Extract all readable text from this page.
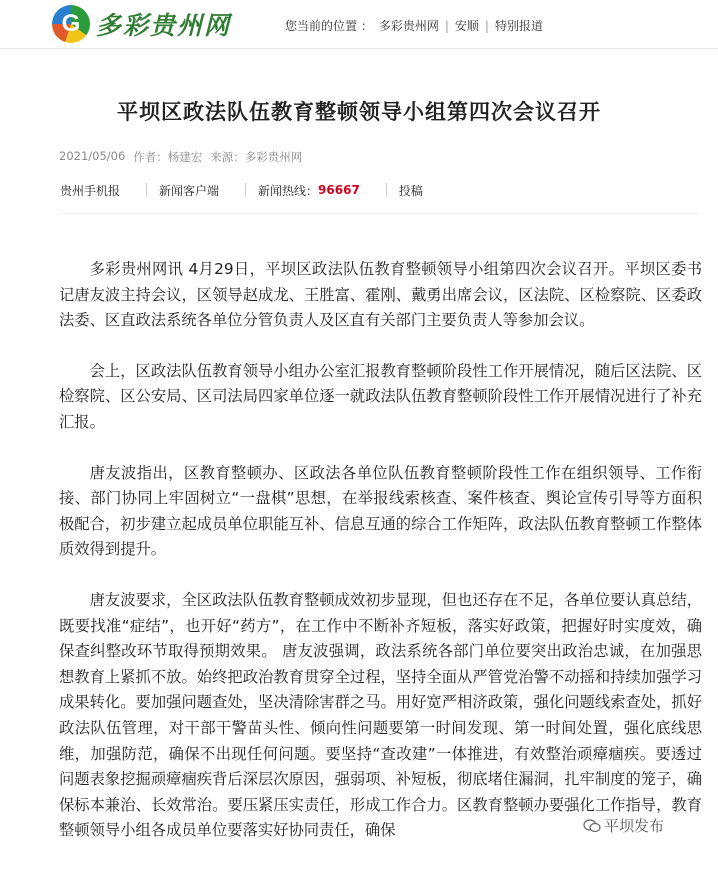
G 多彩贵州网	您当前的位置 ： 多彩贵州网 | 安顺 | 特别报道
平坝区政法队伍教育整顿领导小组第四次会议召开
2021/05/06 作者：杨建宏 来源：多彩贵州网
贵州手机报	新闻客户端	新闻热线： 96667	投稿

多彩贵州网讯 4月29日，平坝区政法队伍教育整顿领导小组第四次会议召开。平坝区委书记唐友波主持会议，区领导赵成龙、王胜富、霍刚、戴勇出席会议，区法院、区检察院、区委政法委、区直政法系统各单位分管负责人及区直有关部门主要负责人等参加会议。

会上，区政法队伍教育领导小组办公室汇报教育整顿阶段性工作开展情况，随后区法院、区检察院、区公安局、区司法局四家单位逐一就政法队伍教育整顿阶段性工作开展情况进行了补充汇报。

唐友波指出，区教育整顿办、区政法各单位队伍教育整顿阶段性工作在组织领导、工作衔接、部门协同上牢固树立“一盘棋”思想，在举报线索核查、案件核查、舆论宣传引导等方面积极配合，初步建立起成员单位职能互补、信息互通的综合工作矩阵，政法队伍教育整顿工作整体质效得到提升。

唐友波要求，全区政法队伍教育整顿成效初步显现，但也还存在不足，各单位要认真总结，既要找准“症结”，也开好“药方”，在工作中不断补齐短板，落实好政策，把握好时实度效，确保查纠整改环节取得预期效果。 唐友波强调，政法系统各部门单位要突出政治忠诚，在加强思想教育上紧抓不放。始终把政治教育贯穿全过程，坚持全面从严管党治警不动摇和持续加强学习成果转化。要加强问题查处，坚决清除害群之马。用好宽严相济政策，强化问题线索查处，抓好政法队伍管理，对干部干警苗头性、倾向性问题要第一时间发现、第一时间处置，强化底线思维，加强防范，确保不出现任何问题。要坚持“查改建”一体推进，有效整治顽瘴痼疾。要透过问题表象挖掘顽瘴痼疾背后深层次原因，强弱项、补短板，彻底堵住漏洞，扎牢制度的笼子，确保标本兼治、长效常治。要压紧压实责任，形成工作合力。区教育整顿办要强化工作指导，教育整顿领导小组各成员单位要落实好协同责任，确保	平坝发布
